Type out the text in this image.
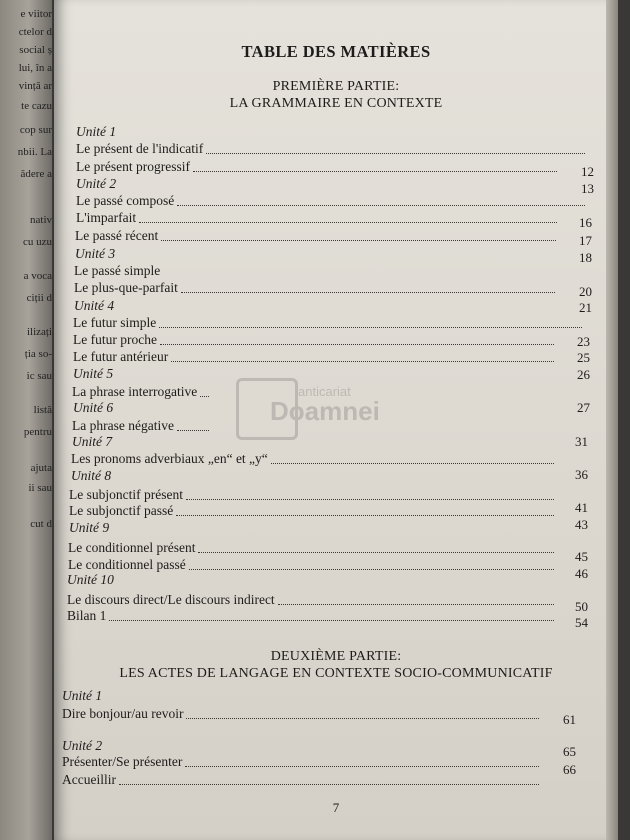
e viitor
ctelor d
social ș
lui, în a
vință ar
te cazu
cop sur
nbii. La
ădere a
nativ
cu uzu
a voca
ciții d
ilizați
ția so-
ic sau
listă
pentru
ajuta
ii sau
cut d
TABLE DES MATIÈRES
PREMIÈRE PARTIE:
LA GRAMMAIRE EN CONTEXTE
Unité 1
Unité 2
Unité 3
Unité 4
Unité 5
Unité 6
Unité 7
Unité 8
Unité 9
Unité 10
Le présent de l'indicatif
Le présent progressif
Le passé composé
L'imparfait
Le passé récent
Le passé simple
Le plus-que-parfait
Le futur simple
Le futur proche
Le futur antérieur
La phrase interrogative
La phrase négative
Les pronoms adverbiaux „en“ et „y“
Le subjonctif présent
Le subjonctif passé
Le conditionnel présent
Le conditionnel passé
Le discours direct/Le discours indirect
Bilan 1
12
13
16
17
18
20
21
23
25
26
27
31
36
41
43
45
46
50
54
DEUXIÈME PARTIE:
LES ACTES DE LANGAGE EN CONTEXTE SOCIO-COMMUNICATIF
Unité 1
Unité 2
Dire bonjour/au revoir
Présenter/Se présenter
Accueillir
61
65
66
7
anticariat
Doamnei
